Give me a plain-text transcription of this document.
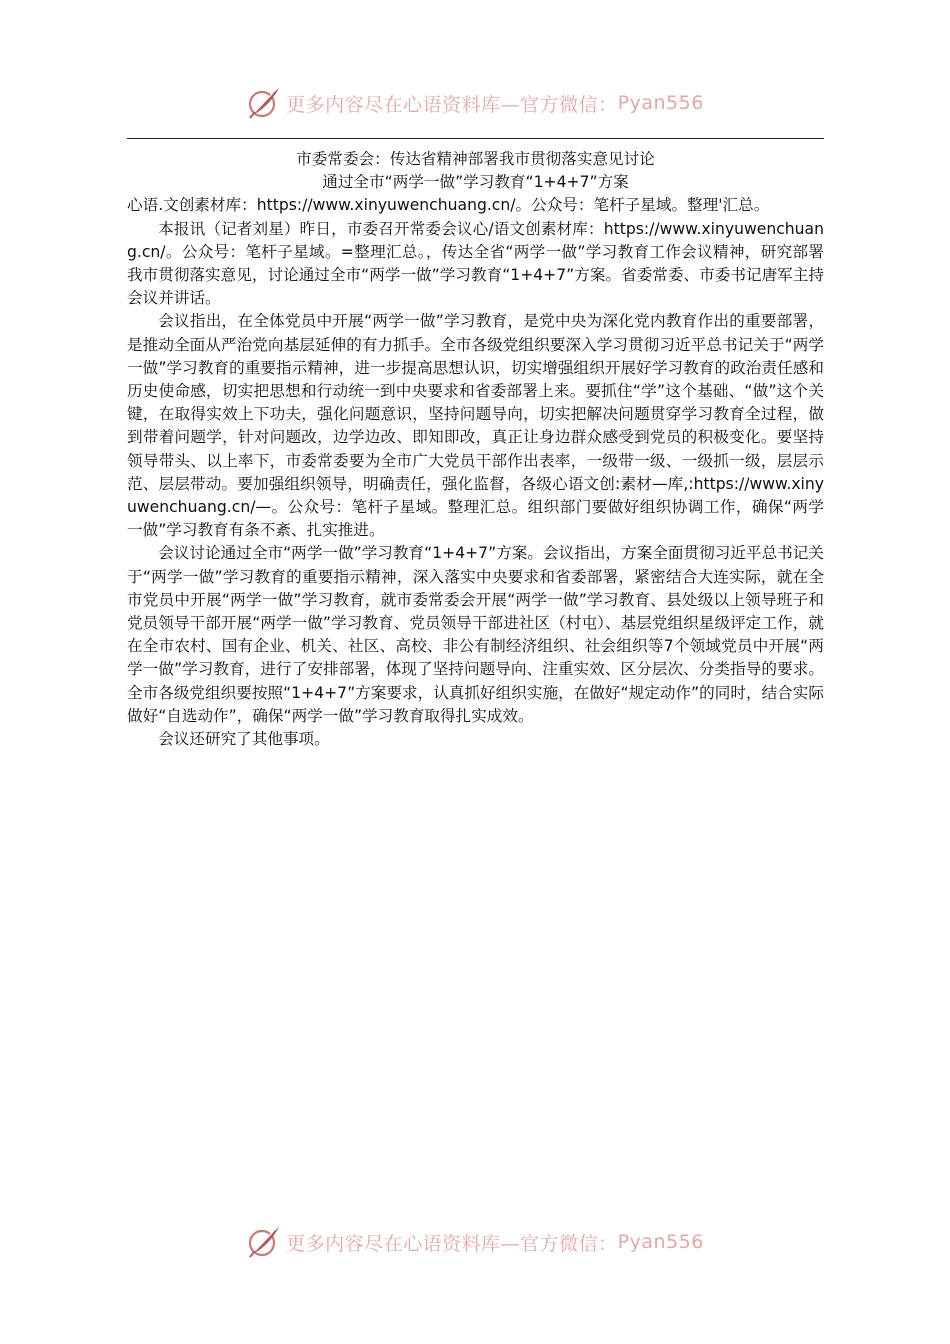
更多内容尽在心语资料库—官方微信： Pyan556
市委常委会：传达省精神部署我市贯彻落实意见讨论
通过全市“两学一做”学习教育“1+4+7”方案

心语.文创素材库：https://www.xinyuwenchuang.cn/。公众号：笔杆子星域。整理'汇总。

本报讯（记者刘星）昨日，市委召开常委会议心/语文创素材库：https://www.xinyuwenchuang.cn/。公众号：笔杆子星域。=整理汇总。，传达全省“两学一做”学习教育工作会议精神，研究部署我市贯彻落实意见，讨论通过全市“两学一做”学习教育“1+4+7”方案。省委常委、市委书记唐军主持会议并讲话。

会议指出，在全体党员中开展“两学一做”学习教育，是党中央为深化党内教育作出的重要部署，是推动全面从严治党向基层延伸的有力抓手。全市各级党组织要深入学习贯彻习近平总书记关于“两学一做”学习教育的重要指示精神，进一步提高思想认识，切实增强组织开展好学习教育的政治责任感和历史使命感，切实把思想和行动统一到中央要求和省委部署上来。要抓住“学”这个基础、“做”这个关键，在取得实效上下功夫，强化问题意识，坚持问题导向，切实把解决问题贯穿学习教育全过程，做到带着问题学，针对问题改，边学边改、即知即改，真正让身边群众感受到党员的积极变化。要坚持领导带头、以上率下，市委常委要为全市广大党员干部作出表率，一级带一级、一级抓一级，层层示范、层层带动。要加强组织领导，明确责任，强化监督，各级心语文创:素材—库,:https://www.xinyuwenchuang.cn/—。公众号：笔杆子星域。整理汇总。组织部门要做好组织协调工作，确保“两学一做”学习教育有条不紊、扎实推进。

会议讨论通过全市“两学一做”学习教育“1+4+7”方案。会议指出，方案全面贯彻习近平总书记关于“两学一做”学习教育的重要指示精神，深入落实中央要求和省委部署，紧密结合大连实际，就在全市党员中开展“两学一做”学习教育，就市委常委会开展“两学一做”学习教育、县处级以上领导班子和党员领导干部开展“两学一做”学习教育、党员领导干部进社区（村屯）、基层党组织星级评定工作，就在全市农村、国有企业、机关、社区、高校、非公有制经济组织、社会组织等7个领域党员中开展“两学一做”学习教育，进行了安排部署，体现了坚持问题导向、注重实效、区分层次、分类指导的要求。全市各级党组织要按照“1+4+7”方案要求，认真抓好组织实施，在做好“规定动作”的同时，结合实际做好“自选动作”，确保“两学一做”学习教育取得扎实成效。

会议还研究了其他事项。

更多内容尽在心语资料库—官方微信： Pyan556
